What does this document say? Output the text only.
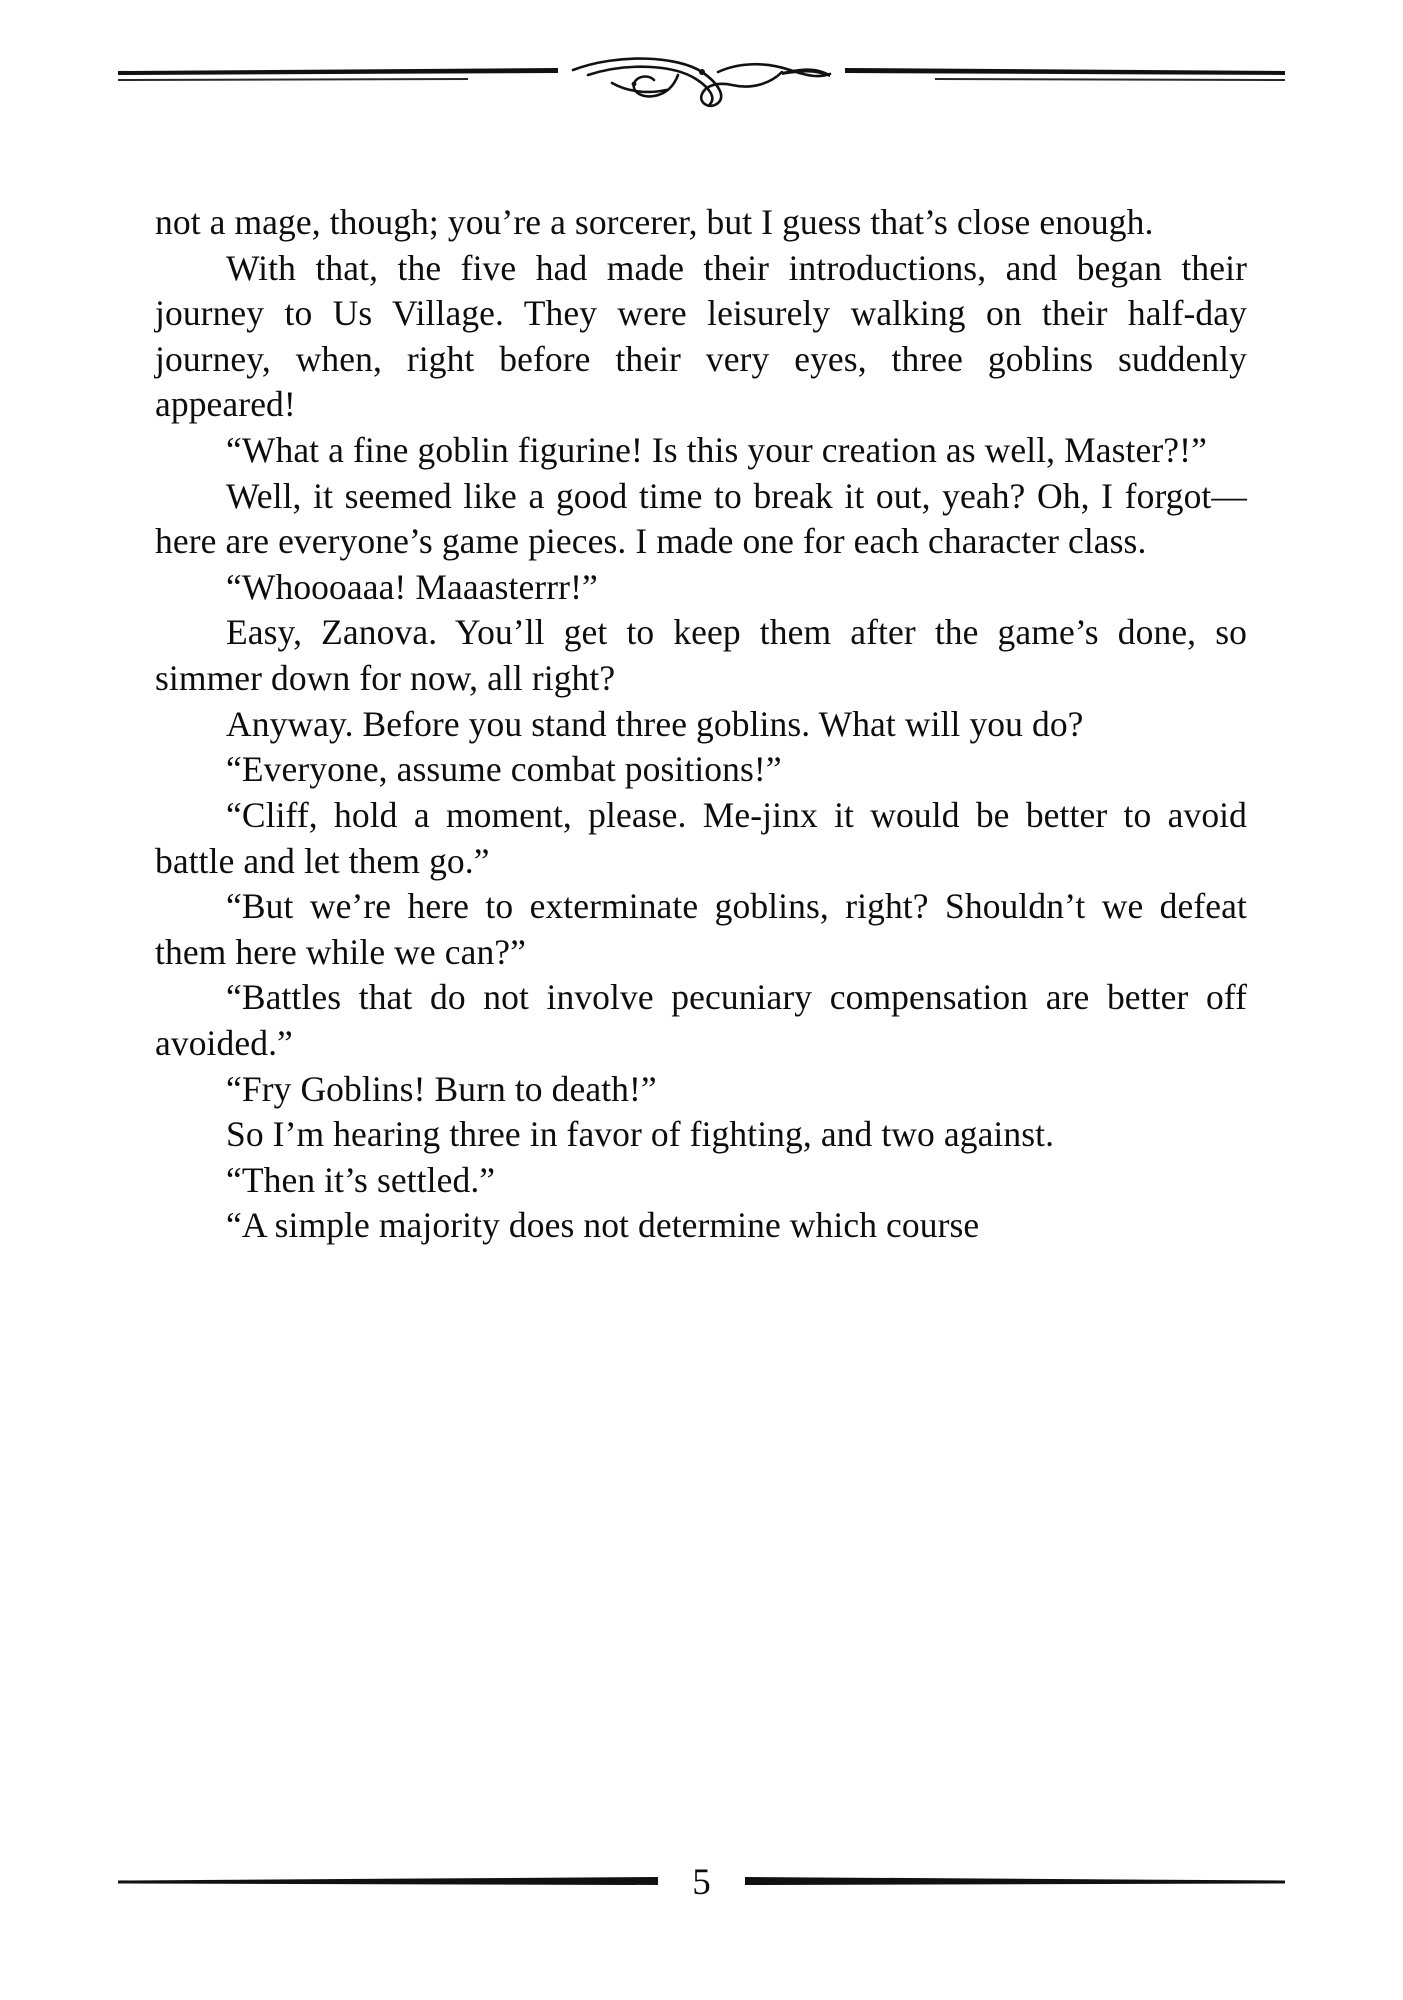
not a mage, though; you’re a sorcerer, but I guess that’s close enough.

With that, the five had made their introductions, and began their journey to Us Village. They were leisurely walking on their half-day journey, when, right before their very eyes, three goblins suddenly appeared!

“What a fine goblin figurine! Is this your creation as well, Master?!”

Well, it seemed like a good time to break it out, yeah? Oh, I forgot—here are everyone’s game pieces. I made one for each character class.

“Whoooaaa! Maaasterrr!”

Easy, Zanova. You’ll get to keep them after the game’s done, so simmer down for now, all right?

Anyway. Before you stand three goblins. What will you do?

“Everyone, assume combat positions!”

“Cliff, hold a moment, please. Me-jinx it would be better to avoid battle and let them go.”

“But we’re here to exterminate goblins, right? Shouldn’t we defeat them here while we can?”

“Battles that do not involve pecuniary compensation are better off avoided.”

“Fry Goblins! Burn to death!”

So I’m hearing three in favor of fighting, and two against.

“Then it’s settled.”

“A simple majority does not determine which course

5
